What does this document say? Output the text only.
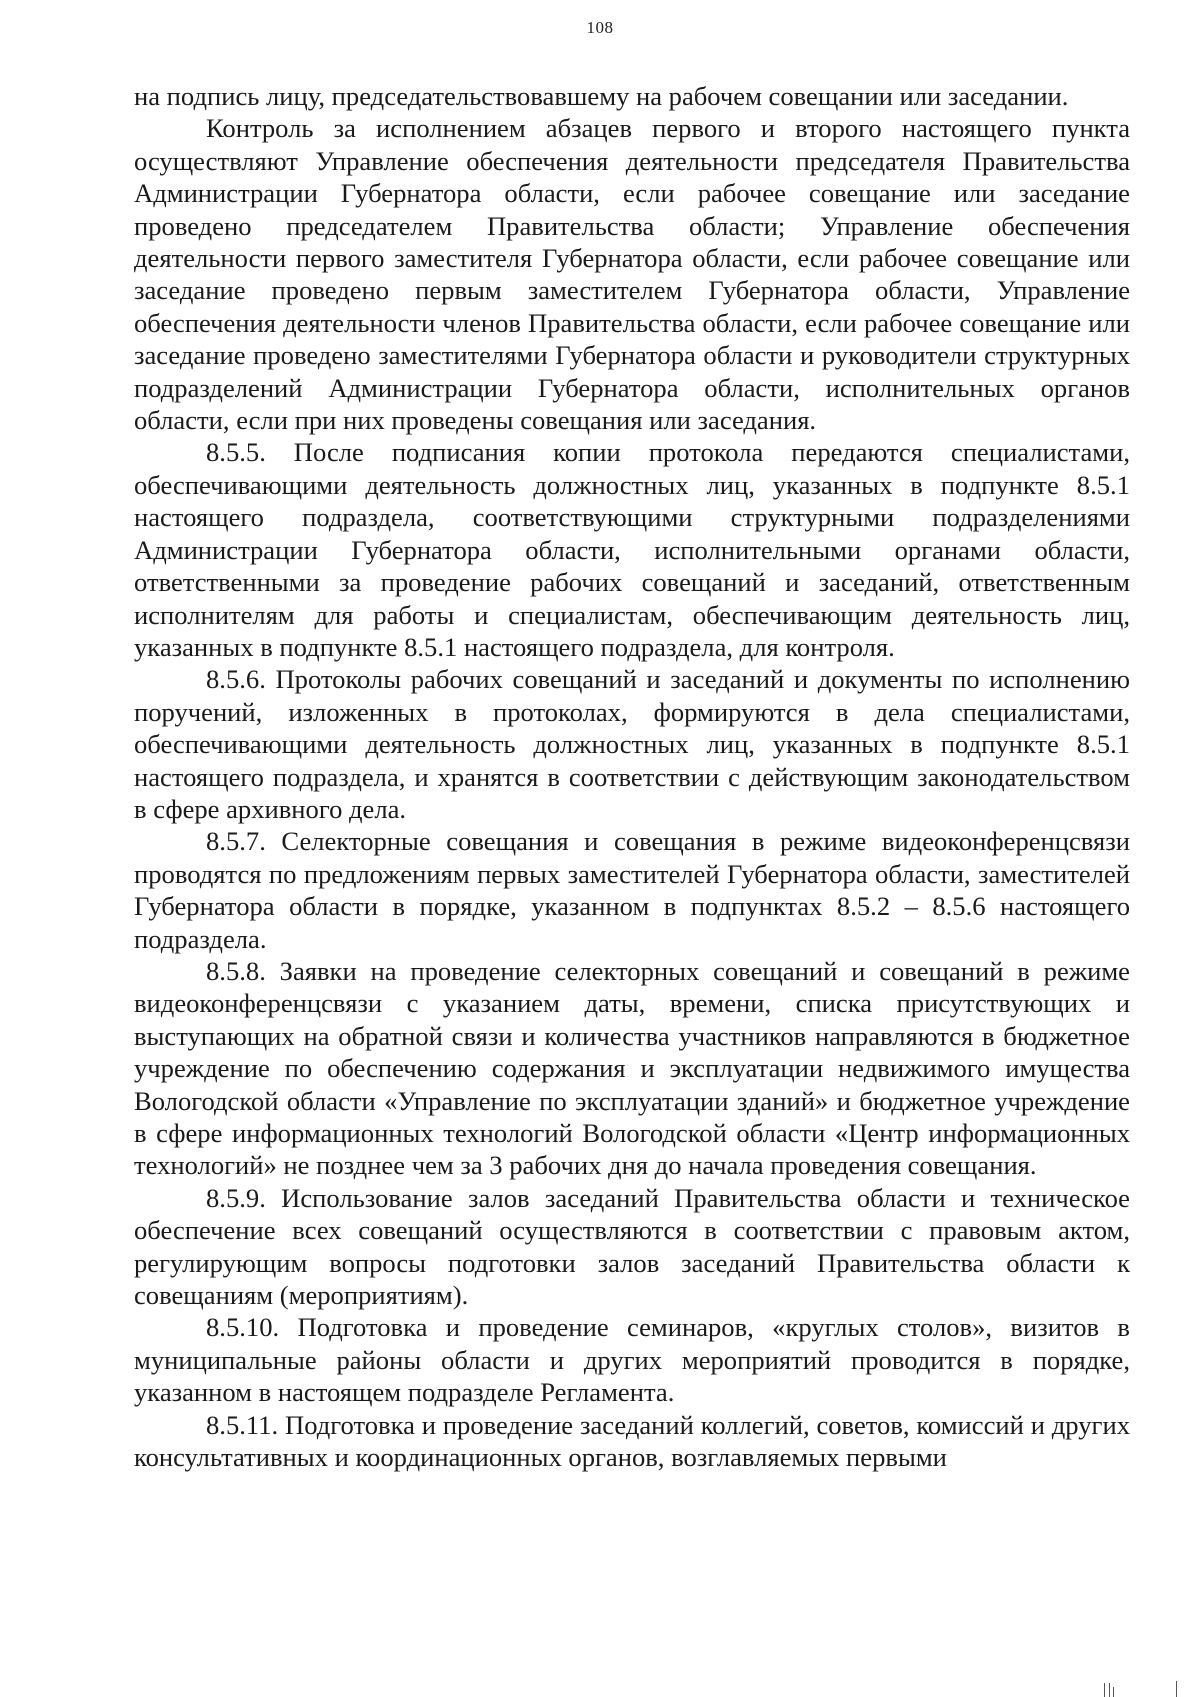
108

на подпись лицу, председательствовавшему на рабочем совещании или заседании.

Контроль за исполнением абзацев первого и второго настоящего пункта осуществляют Управление обеспечения деятельности председателя Правительства Администрации Губернатора области, если рабочее совещание или заседание проведено председателем Правительства области; Управление обеспечения деятельности первого заместителя Губернатора области, если рабочее совещание или заседание проведено первым заместителем Губернатора области, Управление обеспечения деятельности членов Правительства области, если рабочее совещание или заседание проведено заместителями Губернатора области и руководители структурных подразделений Администрации Губернатора области, исполнительных органов области, если при них проведены совещания или заседания.

8.5.5. После подписания копии протокола передаются специалистами, обеспечивающими деятельность должностных лиц, указанных в подпункте 8.5.1 настоящего подраздела, соответствующими структурными подразделениями Администрации Губернатора области, исполнительными органами области, ответственными за проведение рабочих совещаний и заседаний, ответственным исполнителям для работы и специалистам, обеспечивающим деятельность лиц, указанных в подпункте 8.5.1 настоящего подраздела, для контроля.

8.5.6. Протоколы рабочих совещаний и заседаний и документы по исполнению поручений, изложенных в протоколах, формируются в дела специалистами, обеспечивающими деятельность должностных лиц, указанных в подпункте 8.5.1 настоящего подраздела, и хранятся в соответствии с действующим законодательством в сфере архивного дела.

8.5.7. Селекторные совещания и совещания в режиме видеоконференцсвязи проводятся по предложениям первых заместителей Губернатора области, заместителей Губернатора области в порядке, указанном в подпунктах 8.5.2 – 8.5.6 настоящего подраздела.

8.5.8. Заявки на проведение селекторных совещаний и совещаний в режиме видеоконференцсвязи с указанием даты, времени, списка присутствующих и выступающих на обратной связи и количества участников направляются в бюджетное учреждение по обеспечению содержания и эксплуатации недвижимого имущества Вологодской области «Управление по эксплуатации зданий» и бюджетное учреждение в сфере информационных технологий Вологодской области «Центр информационных технологий» не позднее чем за 3 рабочих дня до начала проведения совещания.

8.5.9. Использование залов заседаний Правительства области и техническое обеспечение всех совещаний осуществляются в соответствии с правовым актом, регулирующим вопросы подготовки залов заседаний Правительства области к совещаниям (мероприятиям).

8.5.10. Подготовка и проведение семинаров, «круглых столов», визитов в муниципальные районы области и других мероприятий проводится в порядке, указанном в настоящем подразделе Регламента.

8.5.11. Подготовка и проведение заседаний коллегий, советов, комиссий и других консультативных и координационных органов, возглавляемых первыми
